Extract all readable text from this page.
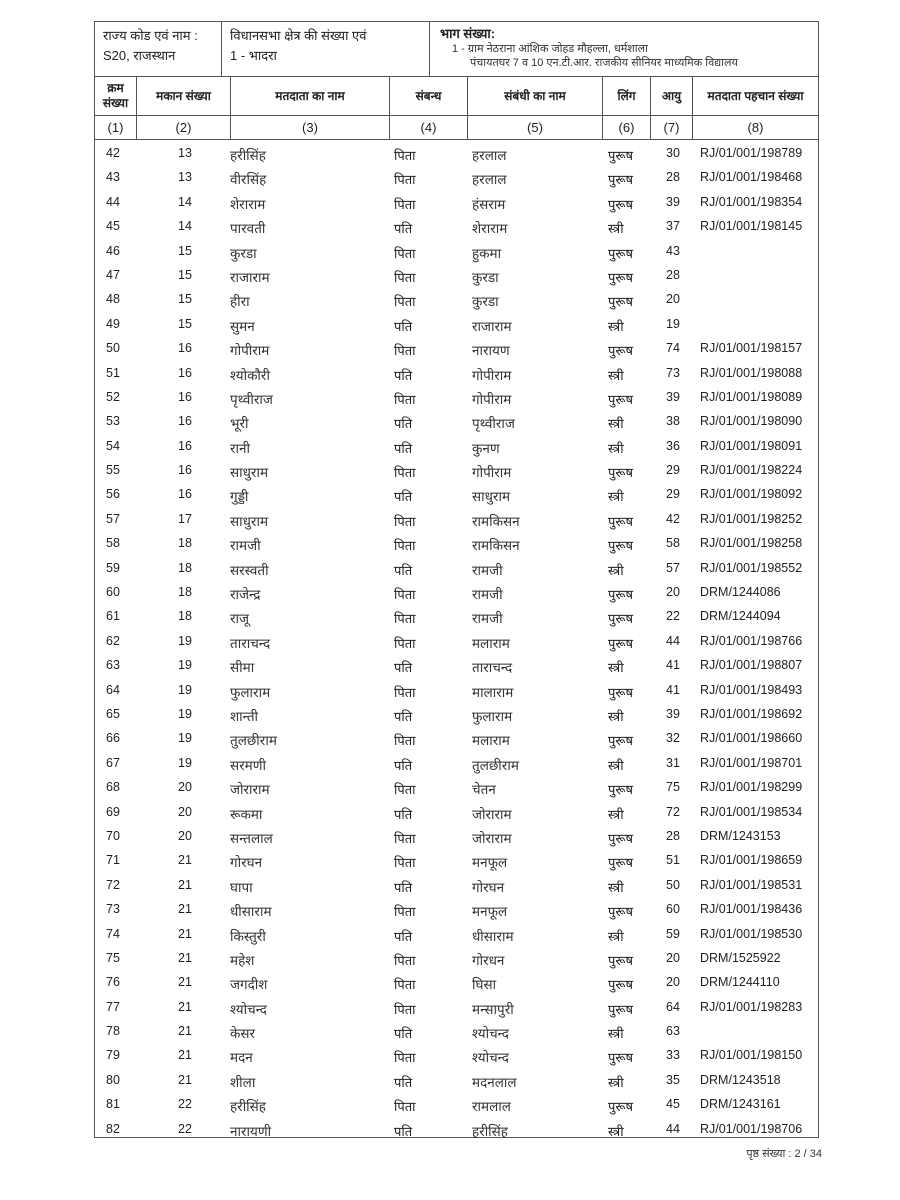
राज्य कोड एवं नाम :
S20, राजस्थान
विधानसभा क्षेत्र की संख्या एवं
1 - भादरा
भाग संख्या:
1 - ग्राम नेठराना आंशिक जोहड मौहल्ला, धर्मशाला
पंचायतघर 7 व 10 एन.टी.आर. राजकीय सीनियर माध्यमिक विद्यालय
क्रम संख्या
मकान संख्या	मतदाता का नाम	संबन्ध	संबंधी का नाम	लिंग	आयु	मतदाता पहचान संख्या
(1)	(2)	(3)	(4)	(5)	(6)	(7)	(8)
42	13	हरीसिंह	पिता	हरलाल	पुरूष	30 RJ/01/001/198789
43	13	वीरसिंह	पिता	हरलाल	पुरूष	28 RJ/01/001/198468
44	14	शेराराम	पिता	हंसराम	पुरूष	39 RJ/01/001/198354
45	14	पारवती	पति	शेराराम	स्त्री	37 RJ/01/001/198145
46	15	कुरडा	पिता	हुकमा	पुरूष	43
47	15	राजाराम	पिता	कुरडा	पुरूष	28
48	15	हीरा	पिता	कुरडा	पुरूष	20
49	15	सुमन	पति	राजाराम	स्त्री	19
50	16	गोपीराम	पिता	नारायण	पुरूष	74 RJ/01/001/198157
51	16	श्योकौरी	पति	गोपीराम	स्त्री	73 RJ/01/001/198088
52	16	पृथ्वीराज	पिता	गोपीराम	पुरूष	39 RJ/01/001/198089
53	16	भूरी	पति	पृथ्वीराज	स्त्री	38 RJ/01/001/198090
54	16	रानी	पति	कुनण	स्त्री	36 RJ/01/001/198091
55	16	साधुराम	पिता	गोपीराम	पुरूष	29 RJ/01/001/198224
56	16	गुड्डी	पति	साधुराम	स्त्री	29 RJ/01/001/198092
57	17	साधुराम	पिता	रामकिसन	पुरूष	42 RJ/01/001/198252
58	18	रामजी	पिता	रामकिसन	पुरूष	58 RJ/01/001/198258
59	18	सरस्वती	पति	रामजी	स्त्री	57 RJ/01/001/198552
60	18	राजेन्द्र	पिता	रामजी	पुरूष	20 DRM/1244086
61	18	राजू	पिता	रामजी	पुरूष	22 DRM/1244094
62	19	ताराचन्द	पिता	मलाराम	पुरूष	44 RJ/01/001/198766
63	19	सीमा	पति	ताराचन्द	स्त्री	41 RJ/01/001/198807
64	19	फुलाराम	पिता	मालाराम	पुरूष	41 RJ/01/001/198493
65	19	शान्ती	पति	फुलाराम	स्त्री	39 RJ/01/001/198692
66	19	तुलछीराम	पिता	मलाराम	पुरूष	32 RJ/01/001/198660
67	19	सरमणी	पति	तुलछीराम	स्त्री	31 RJ/01/001/198701
68	20	जोराराम	पिता	चेतन	पुरूष	75 RJ/01/001/198299
69	20	रूकमा	पति	जोराराम	स्त्री	72 RJ/01/001/198534
70	20	सन्तलाल	पिता	जोराराम	पुरूष	28 DRM/1243153
71	21	गोरघन	पिता	मनफूल	पुरूष	51 RJ/01/001/198659
72	21	घापा	पति	गोरघन	स्त्री	50 RJ/01/001/198531
73	21	धीसाराम	पिता	मनफूल	पुरूष	60 RJ/01/001/198436
74	21	किस्तुरी	पति	धीसाराम	स्त्री	59 RJ/01/001/198530
75	21	महेश	पिता	गोरधन	पुरूष	20 DRM/1525922
76	21	जगदीश	पिता	घिसा	पुरूष	20 DRM/1244110
77	21	श्योचन्द	पिता	मन्सापुरी	पुरूष	64 RJ/01/001/198283
78	21	केसर	पति	श्योचन्द	स्त्री	63
79	21	मदन	पिता	श्योचन्द	पुरूष	33 RJ/01/001/198150
80	21	शीला	पति	मदनलाल	स्त्री	35 DRM/1243518
81	22	हरीसिंह	पिता	रामलाल	पुरूष	45 DRM/1243161
82	22	नारायणी	पति	हरीसिंह	स्त्री	44 RJ/01/001/198706
पृष्ठ संख्या : 2 / 34
